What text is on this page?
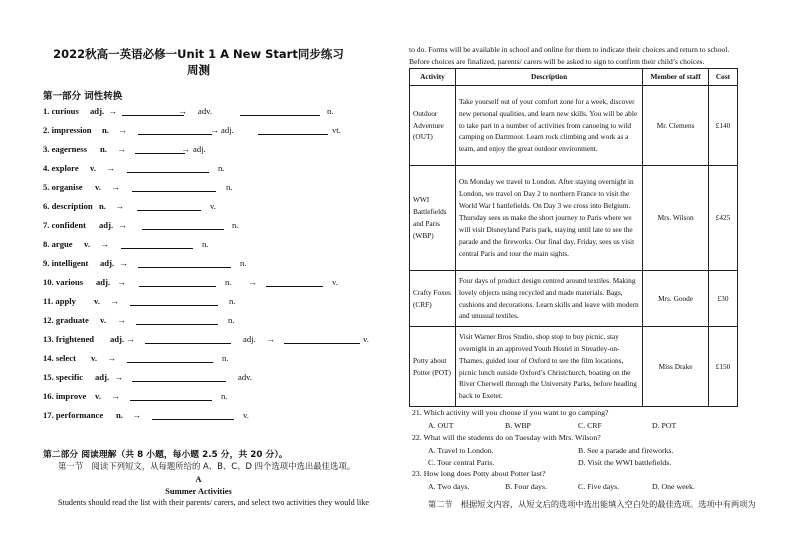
2022秋高一英语必修一Unit 1 A New Start同步练习
周测
第一部分 词性转换
1. curious adj.	adv.	n.
→	→
2. impression n.	adj.	vt.
→	→
3. eagerness n.	adj.
→	→
4. explore v.	n.
→
5. organise v.	n.
→
6. description n.	v.
→
7. confident adj.	n.
→
8. argue v.	n.
→
9. intelligent adj.	n.
→
10. various adj.	n.	v.
→	→
11. apply v.	n.
→
12. graduate v.	n.
→
13. frightened adj.	adj.	v.
→	→
14. select v.	n.
→
15. specific adj.	adv.
→
16. improve v.	n.
→
17. performance n.	v.
→
第二部分 阅读理解（共 8 小题，每小题 2.5 分，共 20 分）。
第一节　阅读下列短文，从每题所给的 A、B、C、D 四个选项中选出最佳选项。
A
Summer Activities
Students should read the list with their parents/ carers, and select two activities they would like
to do. Forms will be available in school and online for them to indicate their choices and return to school.
Before choices are finalized, parents/ carers will be asked to sign to confirm their child’s choices.
Activity	Description	Member of staff	Cost
Outdoor Adventure (OUT)	Take yourself out of your comfort zone for a week, discover new personal qualities, and learn new skills. You will be able to take part in a number of activities from canoeing to wild camping on Dartmoor. Learn rock climbing and work as a team, and enjoy the great outdoor environment.	Mr. Clemens	£140
WWI Battlefields and Paris (WBP)	On Monday we travel to London. After staying overnight in London, we travel on Day 2 to northern France to visit the World War I battlefields. On Day 3 we cross into Belgium. Thursday sees us make the short journey to Paris where we will visit Disneyland Paris park, staying until late to see the parade and the fireworks. Our final day, Friday, sees us visit central Paris and tour the main sights.	Mrs. Wilson	£425
Crafty Foxes (CRF)	Four days of product design centred around textiles. Making lovely objects using recycled and made materials. Bags, cushions and decorations. Learn skills and leave with modern and unusual textiles.	Mrs. Goode	£30
Potty about Potter (POT)	Visit Warner Bros Studio, shop stop to buy picnic, stay overnight in an approved Youth Hostel in Streatley-on-Thames, guided tour of Oxford to see the film locations, picnic lunch outside Oxford’s Christchurch, boating on the River Cherwell through the University Parks, before heading back to Exeter.	Miss Drake	£150
21. Which activity will you choose if you want to go camping?
A. OUT	B. WBP	C. CRF	D. POT
22. What will the students do on Tuesday with Mrs. Wilson?
A. Travel to London.	B. See a parade and fireworks.
C. Tour central Paris.	D. Visit the WWI battlefields.
23. How long does Potty about Potter last?
A. Two days.	B. Four days.	C. Five days.	D. One week.
第二节　根据短文内容，从短文后的选项中选出能填入空白处的最佳选项。选项中有两项为
